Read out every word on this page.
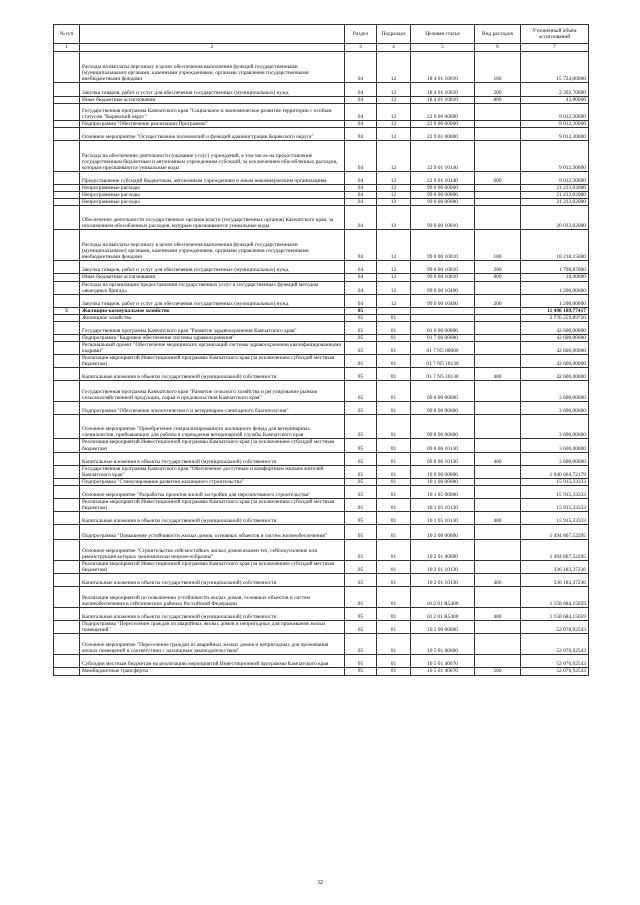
№ п/п		Раздел	Подраздел	Целевая статья	Вид расходов	Уточнённый объём ассигнований
1	2	3	4	5	6	7
	Расходы на выплаты персоналу в целях обеспечения выполнения функций государственными (муниципальными) органами, казенными учреждениями, органами управления государственными внебюджетными фондами	04	12	18 4 01 10010	100	15 724,00000
	Закупка товаров, работ и услуг для обеспечения государственных (муниципальных) нужд	04	12	18 4 01 10010	200	2 392,70000
	Иные бюджетные ассигнования	04	12	18 4 01 10010	800	43,00000
	Государственная программа Камчатского края "Социальное и экономическое развитие территории с особым статусом "Корякский округ"	04	12	22 0 00 00000		9 012,30000
	Подпрограмма "Обеспечение реализации Программы"	04	12	22 9 00 00000		9 012,30000
	Основное мероприятие "Осуществление полномочий и функций администрации Корякского округа"	04	12	22 9 01 00000		9 012,30000
	Расходы на обеспечение деятельности (оказание услуг) учреждений, в том числе на предоставление государственным бюджетным и автономным учреждениям субсидий, за исключением обособленных расходов, которым присваиваются уникальные коды	04	12	22 9 01 10140		9 012,30000
	Предоставление субсидий бюджетным, автономным учреждениям и иным некоммерческим организациям	04	12	22 9 01 10140	600	9 012,30000
	Непрограммные расходы	04	12	99 0 00 00000		21 233,02000
	Непрограммные расходы	04	12	99 0 00 00000		21 233,02000
	Непрограммные расходы	04	12	99 0 00 00000		21 233,02000
	Обеспечение деятельности государственных органов власти (государственных органов) Камчатского края, за исключением обособленных расходов, которым присваиваются уникальные коды	04	12	99 0 00 10010		20 033,02000
	Расходы на выплаты персоналу в целях обеспечения выполнения функций государственными (муниципальными) органами, казенными учреждениями, органами управления государственными внебюджетными фондами	04	12	99 0 00 10010	100	18 218,15000
	Закупка товаров, работ и услуг для обеспечения государственных (муниципальных) нужд	04	12	99 0 00 10010	200	1 796,87000
	Иные бюджетные ассигнования	04	12	99 0 00 10010	800	18,00000
	Расходы на организацию предоставления государственных услуг в государственных функций методом «выездных бригад»	04	12	99 0 00 10400		1 200,00000
	Закупка товаров, работ и услуг для обеспечения государственных (муниципальных) нужд	04	12	99 0 00 10400	200	1 200,00000
5	Жилищно-коммунальное хозяйство	05				11 498 189,77417
	Жилищное хозяйство	05	01			2 776 559,89720
	Государственная программа Камчатского края "Развитие здравоохранения Камчатского края"	05	01	01 0 00 00000		42 600,00000
	Подпрограмма "Кадровое обеспечение системы здравоохранения"	05	01	01 7 00 00000		42 600,00000
	Региональный проект "Обеспечение медицинских организаций системы здравоохранения квалифицированными кадрами"	05	01	01 7 N5 00000		42 600,00000
	Реализация мероприятий Инвестиционной программы Камчатского края (за исключением субсидий местным бюджетам)	05	01	01 7 N5 10130		42 600,00000
	Капитальные вложения в объекты государственной (муниципальной) собственности	05	01	01 7 N5 10130	400	42 600,00000
	Государственная программа Камчатского края "Развитие сельского хозяйства и регулирование рынков сельскохозяйственной продукции, сырья и продовольствия Камчатского края"	05	01	09 0 00 00000		3 600,00000
	Подпрограмма "Обеспечение эпизоотического и ветеринарно-санитарного благополучия"	05	01	09 8 00 00000		3 600,00000
	Основное мероприятие "Приобретение специализированного жилищного фонда для ветеринарных специалистов, прибывающих для работы в учреждения ветеринарной службы Камчатского края	05	01	09 8 06 00000		3 600,00000
	Реализация мероприятий Инвестиционной программы Камчатского края (за исключением субсидий местным бюджетам)	05	01	09 8 06 10130		3 600,00000
	Капитальные вложения в объекты государственной (муниципальной) собственности	05	01	09 8 06 10130	400	3 600,00000
	Государственная программа Камчатского края "Обеспечение доступным и комфортным жильем жителей Камчатского края"	05	01	10 0 00 00000		1 940 664,72179
	Подпрограмма "Стимулирование развития жилищного строительства"	05	01	10 1 00 00000		15 915,33333
	Основное мероприятие "Разработка проектов жилой застройки для перспективного строительства"	05	01	10 1 05 00000		15 915,33333
	Реализация мероприятий Инвестиционной программы Камчатского края (за исключением субсидий местным бюджетам)	05	01	10 1 05 10130		15 915,33333
	Капитальные вложения в объекты государственной (муниципальной) собственности	05	01	10 1 05 10130	400	15 915,33333
	Подпрограмма "Повышение устойчивости жилых домов, основных объектов и систем жизнеобеспечения"	05	01	10 2 00 00000		1 494 867,52295
	Основное мероприятие "Строительство сейсмостойких жилых домов взамен тех, сейсмоусиление или реконструкция которых экономически нецелесообразны"	05	01	10 2 01 00000		1 494 867,52295
	Реализация мероприятий Инвестиционной программы Камчатского края (за исключением субсидий местным бюджетам)	05	01	10 2 01 10130		336 183,37236
	Капитальные вложения в объекты государственной (муниципальной) собственности	05	01	10 2 01 10130	400	336 183,37236
	Реализация мероприятий по повышению устойчивости жилых домов, основных объектов и систем жизнеобеспечения в сейсмических районах Российской Федерации	05	01	10 2 01 R5400		1 158 684,15059
	Капитальные вложения в объекты государственной (муниципальной) собственности	05	01	10 2 01 R5400	400	1 158 684,15059
	Подпрограмма "Переселение граждан из аварийных жилых домов и непригодных для проживания жилых помещений"	05	01	10 5 00 00000		52 076,92543
	Основное мероприятие "Переселение граждан из аварийных жилых домов и непригодных для проживания жилых помещений в соответствии с жилищным законодательством"	05	01	10 5 01 00000		52 076,92543
	Субсидии местным бюджетам на реализацию мероприятий Инвестиционной программы Камчатского края	05	01	10 5 01 40070		52 076,92543
	Межбюджетные трансферты	05	01	10 5 01 40070	500	52 076,92543
32
